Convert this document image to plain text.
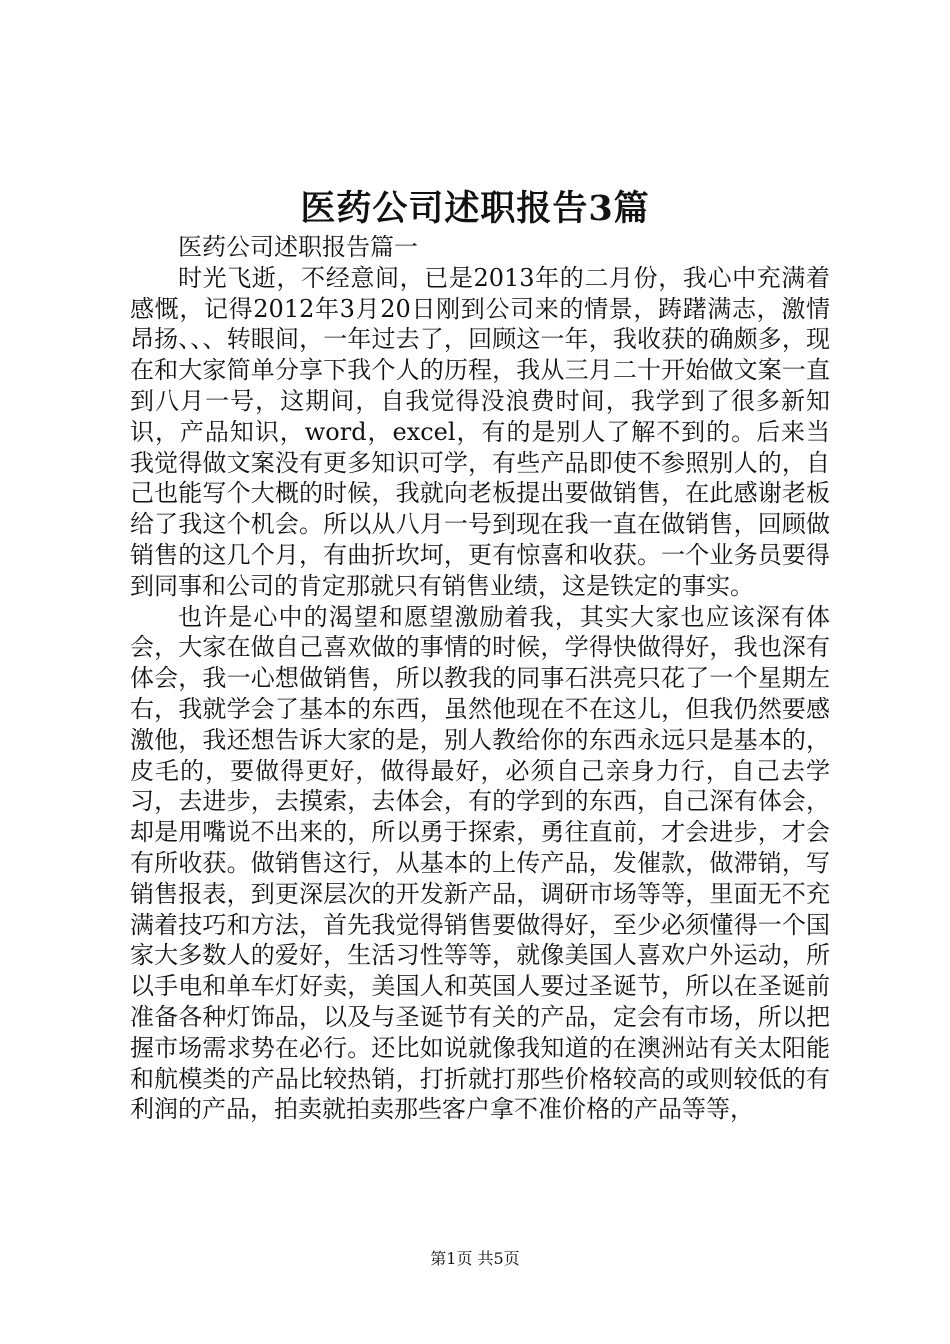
医药公司述职报告3篇
医药公司述职报告篇一

时光飞逝，不经意间，已是2013年的二月份，我心中充满着感慨，记得2012年3月20日刚到公司来的情景，踌躇满志，激情昂扬、、、转眼间，一年过去了，回顾这一年，我收获的确颇多，现在和大家简单分享下我个人的历程，我从三月二十开始做文案一直到八月一号，这期间，自我觉得没浪费时间，我学到了很多新知识，产品知识，word，excel，有的是别人了解不到的。后来当我觉得做文案没有更多知识可学，有些产品即使不参照别人的，自己也能写个大概的时候，我就向老板提出要做销售，在此感谢老板给了我这个机会。所以从八月一号到现在我一直在做销售，回顾做销售的这几个月，有曲折坎坷，更有惊喜和收获。一个业务员要得到同事和公司的肯定那就只有销售业绩，这是铁定的事实。

也许是心中的渴望和愿望激励着我，其实大家也应该深有体会，大家在做自己喜欢做的事情的时候，学得快做得好，我也深有体会，我一心想做销售，所以教我的同事石洪亮只花了一个星期左右，我就学会了基本的东西，虽然他现在不在这儿，但我仍然要感激他，我还想告诉大家的是，别人教给你的东西永远只是基本的，皮毛的，要做得更好，做得最好，必须自己亲身力行，自己去学习，去进步，去摸索，去体会，有的学到的东西，自己深有体会，却是用嘴说不出来的，所以勇于探索，勇往直前，才会进步，才会有所收获。做销售这行，从基本的上传产品，发催款，做滞销，写销售报表，到更深层次的开发新产品，调研市场等等，里面无不充满着技巧和方法，首先我觉得销售要做得好，至少必须懂得一个国家大多数人的爱好，生活习性等等，就像美国人喜欢户外运动，所以手电和单车灯好卖，美国人和英国人要过圣诞节，所以在圣诞前准备各种灯饰品，以及与圣诞节有关的产品，定会有市场，所以把握市场需求势在必行。还比如说就像我知道的在澳洲站有关太阳能和航模类的产品比较热销，打折就打那些价格较高的或则较低的有利润的产品，拍卖就拍卖那些客户拿不准价格的产品等等，

第1页 共5页
